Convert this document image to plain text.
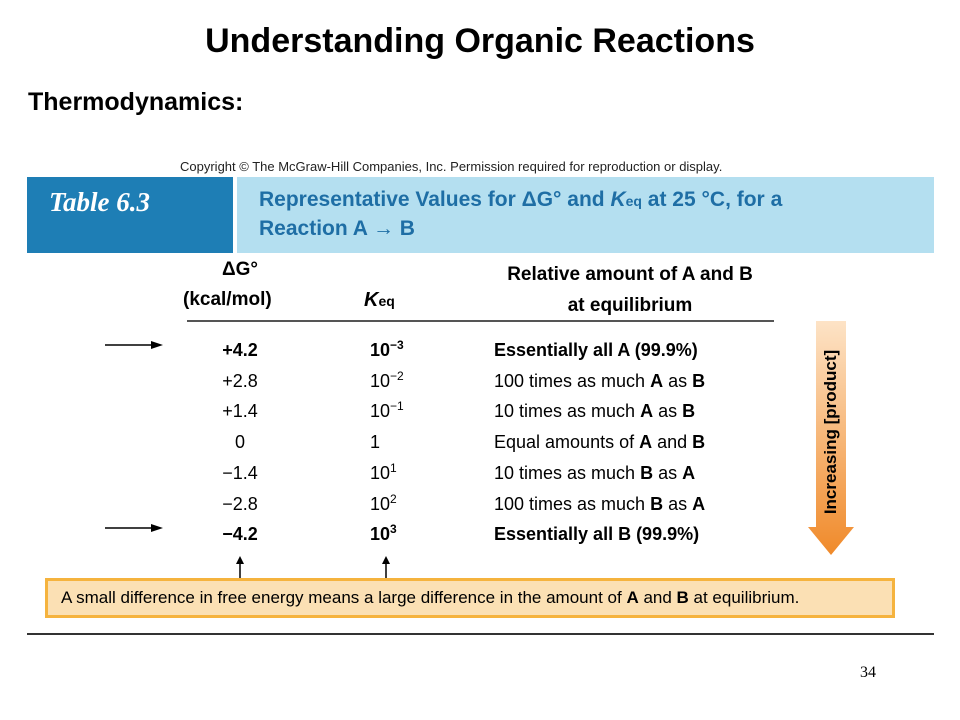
Understanding Organic Reactions
Thermodynamics:
Copyright © The McGraw-Hill Companies, Inc. Permission required for reproduction or display.
Table 6.3	Representative Values for ΔG° and Keq at 25 °C, for a
Reaction A → B
ΔG°
(kcal/mol)	Keq
Relative amount of A and B
at equilibrium
+4.2	$10^{-3}$	Essentially all A (99.9%)
+2.8	$10^{-2}$	100 times as much A as B
+1.4	$10^{-1}$	10 times as much A as B
0	1	Equal amounts of A and B
−1.4	$10^1$	10 times as much B as A
−2.8	$10^2$	100 times as much B as A
−4.2	$10^3$	Essentially all B (99.9%)
Increasing [product]
A small difference in free energy means a large difference in the amount of A and B at equilibrium.
34
